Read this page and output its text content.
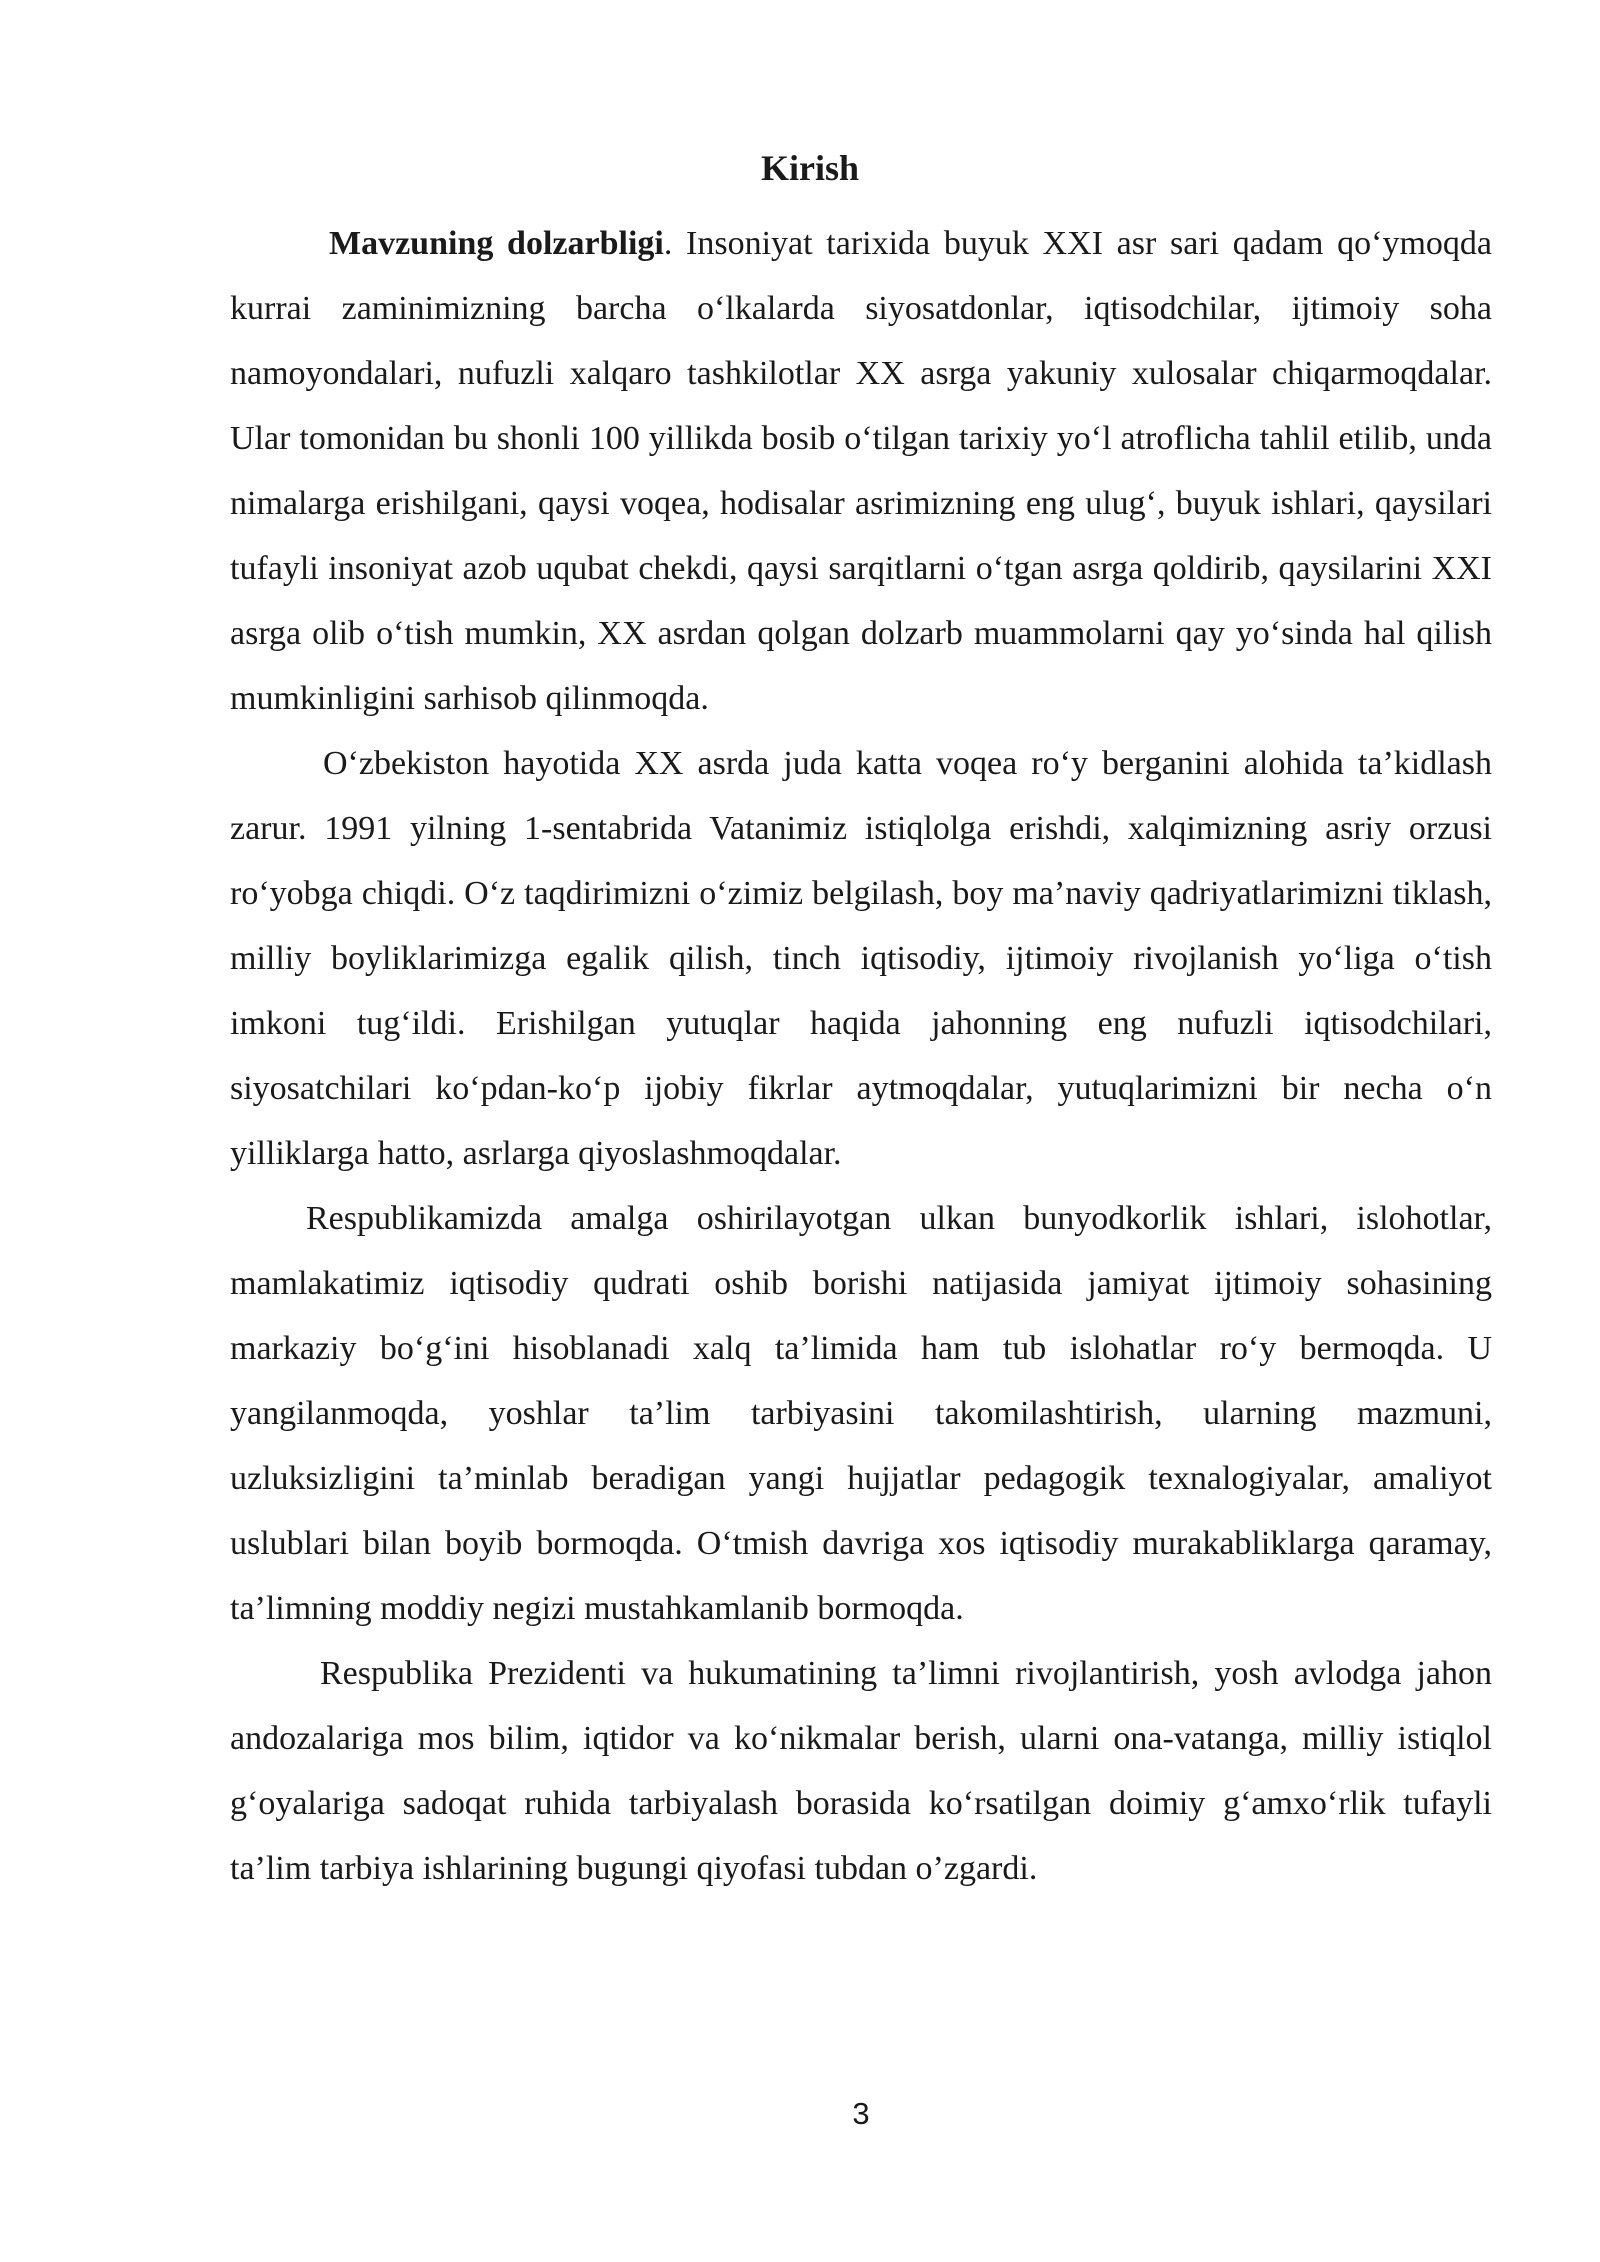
Kirish

Mavzuning dolzarbligi. Insoniyat tarixida buyuk XXI asr sari qadam qo‘ymoqda kurrai zaminimizning barcha o‘lkalarda siyosatdonlar, iqtisodchilar, ijtimoiy soha namoyondalari, nufuzli xalqaro tashkilotlar XX asrga yakuniy xulosalar chiqarmoqdalar. Ular tomonidan bu shonli 100 yillikda bosib o‘tilgan tarixiy yo‘l atroflicha tahlil etilib, unda nimalarga erishilgani, qaysi voqea, hodisalar asrimizning eng ulug‘, buyuk ishlari, qaysilari tufayli insoniyat azob uqubat chekdi, qaysi sarqitlarni o‘tgan asrga qoldirib, qaysilarini XXI asrga olib o‘tish mumkin, XX asrdan qolgan dolzarb muammolarni qay yo‘sinda hal qilish mumkinligini sarhisob qilinmoqda.

O‘zbekiston hayotida XX asrda juda katta voqea ro‘y berganini alohida ta’kidlash zarur. 1991 yilning 1-sentabrida Vatanimiz istiqlolga erishdi, xalqimizning asriy orzusi ro‘yobga chiqdi. O‘z taqdirimizni o‘zimiz belgilash, boy ma’naviy qadriyatlarimizni tiklash, milliy boyliklarimizga egalik qilish, tinch iqtisodiy, ijtimoiy rivojlanish yo‘liga o‘tish imkoni tug‘ildi. Erishilgan yutuqlar haqida jahonning eng nufuzli iqtisodchilari, siyosatchilari ko‘pdan-ko‘p ijobiy fikrlar aytmoqdalar, yutuqlarimizni bir necha o‘n yilliklarga hatto, asrlarga qiyoslashmoqdalar.

Respublikamizda amalga oshirilayotgan ulkan bunyodkorlik ishlari, islohotlar, mamlakatimiz iqtisodiy qudrati oshib borishi natijasida jamiyat ijtimoiy sohasining markaziy bo‘g‘ini hisoblanadi xalq ta’limida ham tub islohatlar ro‘y bermoqda. U yangilanmoqda, yoshlar ta’lim tarbiyasini takomilashtirish, ularning mazmuni, uzluksizligini ta’minlab beradigan yangi hujjatlar pedagogik texnalogiyalar, amaliyot uslublari bilan boyib bormoqda. O‘tmish davriga xos iqtisodiy murakabliklarga qaramay, ta’limning moddiy negizi mustahkamlanib bormoqda.

Respublika Prezidenti va hukumatining ta’limni rivojlantirish, yosh avlodga jahon andozalariga mos bilim, iqtidor va ko‘nikmalar berish, ularni ona-vatanga, milliy istiqlol g‘oyalariga sadoqat ruhida tarbiyalash borasida ko‘rsatilgan doimiy g‘amxo‘rlik tufayli ta’lim tarbiya ishlarining bugungi qiyofasi tubdan o’zgardi.

3
